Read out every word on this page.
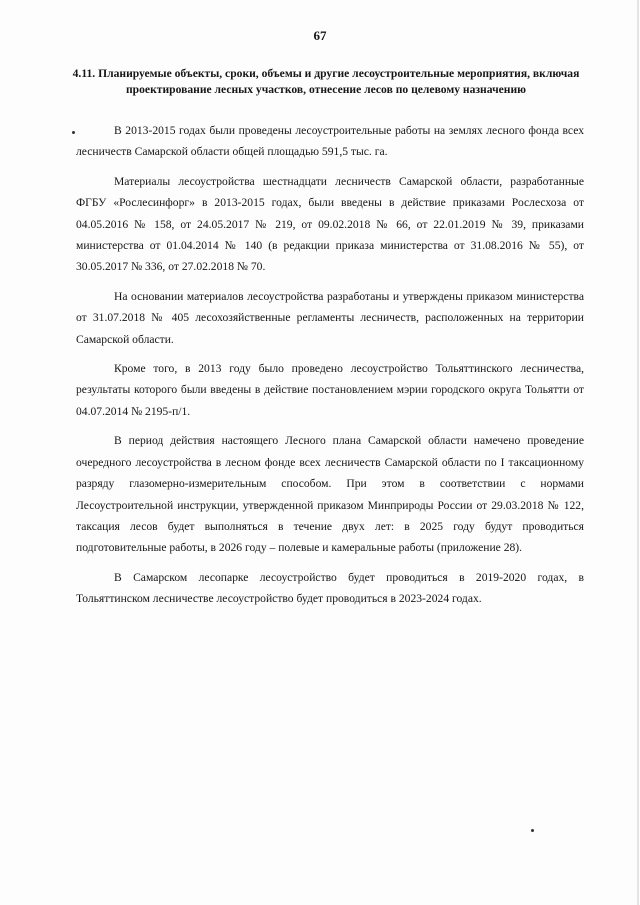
67
4.11. Планируемые объекты, сроки, объемы и другие лесоустроительные мероприятия, включая проектирование лесных участков, отнесение лесов по целевому назначению

В 2013-2015 годах были проведены лесоустроительные работы на землях лесного фонда всех лесничеств Самарской области общей площадью 591,5 тыс. га.

Материалы лесоустройства шестнадцати лесничеств Самарской области, разработанные ФГБУ «Рослесинфорг» в 2013-2015 годах, были введены в действие приказами Рослесхоза от 04.05.2016 № 158, от 24.05.2017 № 219, от 09.02.2018 № 66, от 22.01.2019 № 39, приказами министерства от 01.04.2014 № 140 (в редакции приказа министерства от 31.08.2016 № 55), от 30.05.2017 № 336, от 27.02.2018 № 70.

На основании материалов лесоустройства разработаны и утверждены приказом министерства от 31.07.2018 № 405 лесохозяйственные регламенты лесничеств, расположенных на территории Самарской области.

Кроме того, в 2013 году было проведено лесоустройство Тольяттинского лесничества, результаты которого были введены в действие постановлением мэрии городского округа Тольятти от 04.07.2014 № 2195-п/1.

В период действия настоящего Лесного плана Самарской области намечено проведение очередного лесоустройства в лесном фонде всех лесничеств Самарской области по I таксационному разряду глазомерно-измерительным способом. При этом в соответствии с нормами Лесоустроительной инструкции, утвержденной приказом Минприроды России от 29.03.2018 № 122, таксация лесов будет выполняться в течение двух лет: в 2025 году будут проводиться подготовительные работы, в 2026 году – полевые и камеральные работы (приложение 28).

В Самарском лесопарке лесоустройство будет проводиться в 2019-2020 годах, в Тольяттинском лесничестве лесоустройство будет проводиться в 2023-2024 годах.
